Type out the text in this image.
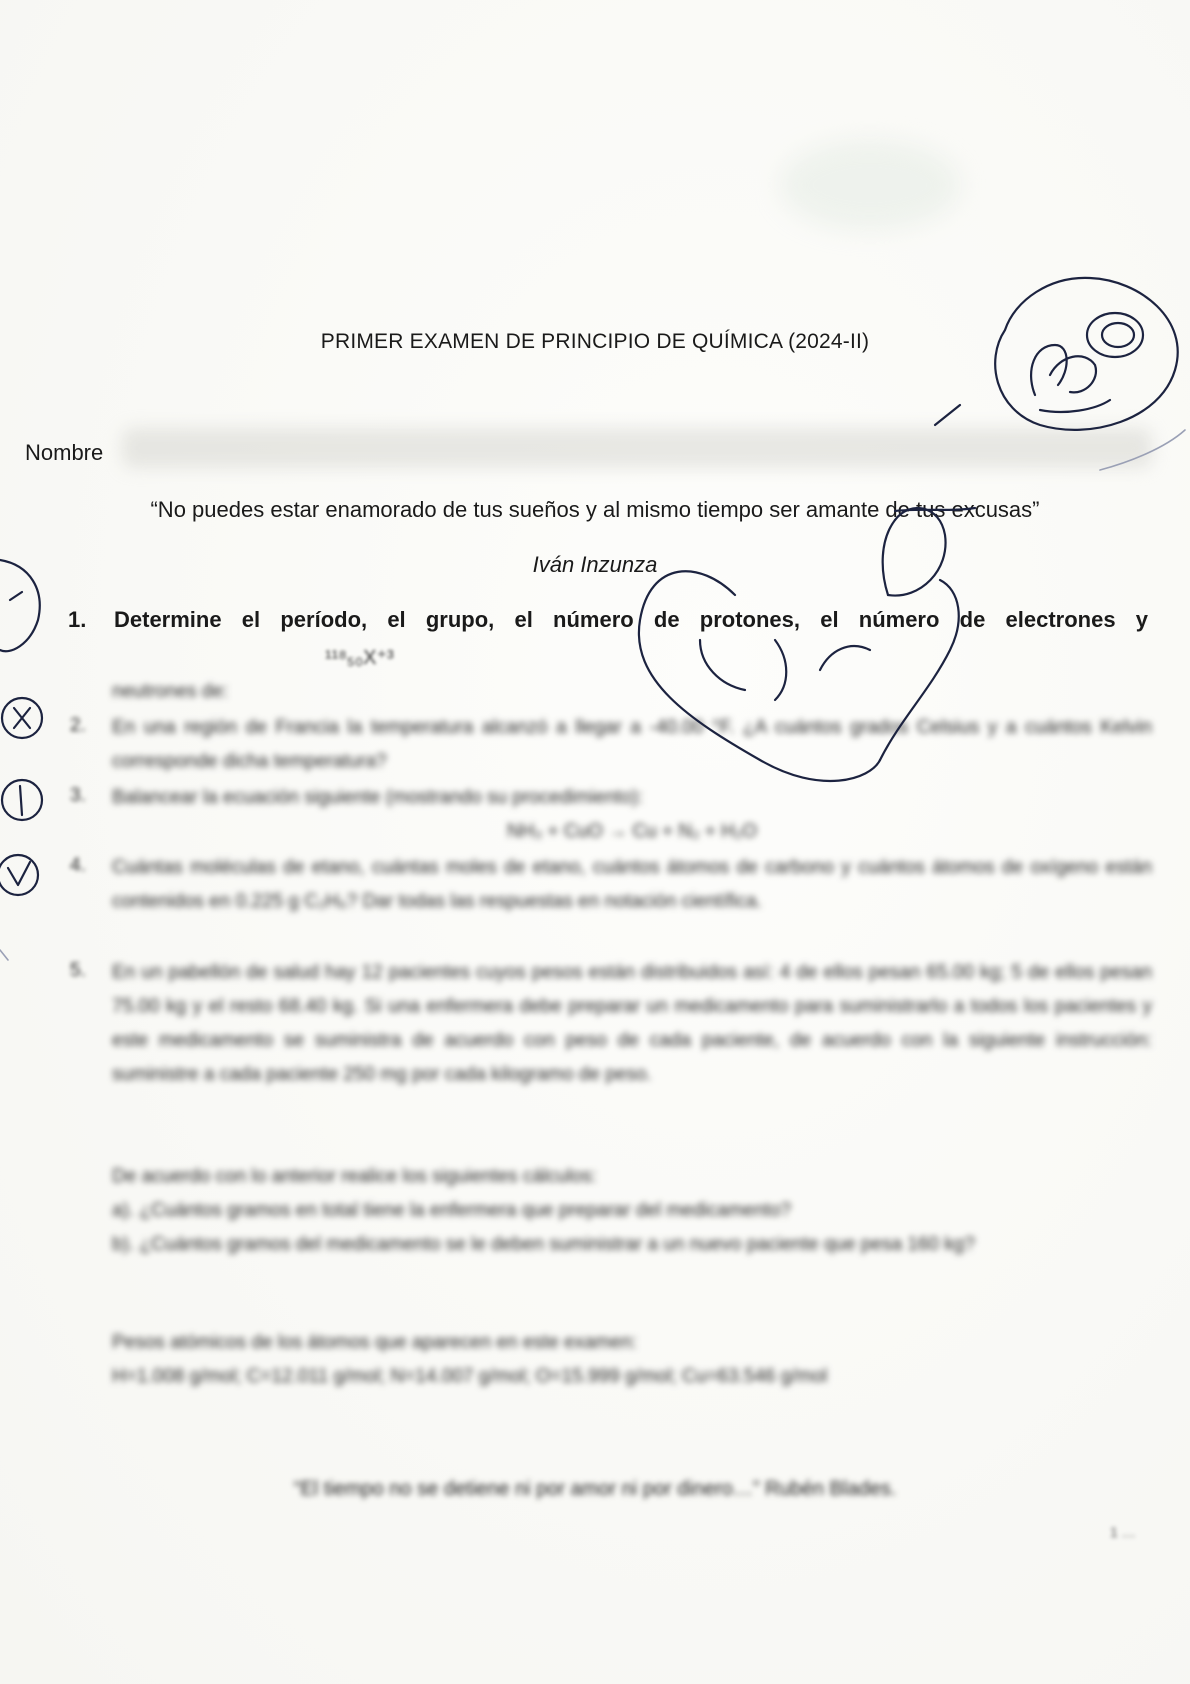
PRIMER EXAMEN DE PRINCIPIO DE QUÍMICA (2024-II)
Nombre
“No puedes estar enamorado de tus sueños y al mismo tiempo ser amante de tus excusas”
Iván Inzunza
1.	Determine el período, el grupo, el número de protones, el número de electrones y
¹¹⁸₅₀X⁺³
neutrones de:
2. En una región de Francia la temperatura alcanzó a llegar a -40.00 °F. ¿A cuántos grados Celsius y a cuántos Kelvin corresponde dicha temperatura?
3. Balancear la ecuación siguiente (mostrando su procedimiento):
NH₃ + CuO → Cu + N₂ + H₂O
4. Cuántas moléculas de etano, cuántas moles de etano, cuántos átomos de carbono y cuántos átomos de oxígeno están contenidos en 0.225 g C₂H₆? Dar todas las respuestas en notación científica.
5. En un pabellón de salud hay 12 pacientes cuyos pesos están distribuidos así: 4 de ellos pesan 65.00 kg; 5 de ellos pesan 75.00 kg y el resto 68.40 kg. Si una enfermera debe preparar un medicamento para suministrarlo a todos los pacientes y este medicamento se suministra de acuerdo con peso de cada paciente, de acuerdo con la siguiente instrucción: suministre a cada paciente 250 mg por cada kilogramo de peso.
De acuerdo con lo anterior realice los siguientes cálculos:
a). ¿Cuántos gramos en total tiene la enfermera que preparar del medicamento?
b). ¿Cuántos gramos del medicamento se le deben suministrar a un nuevo paciente que pesa 160 kg?
Pesos atómicos de los átomos que aparecen en este examen:
H=1.008 g/mol; C=12.011 g/mol; N=14.007 g/mol; O=15.999 g/mol; Cu=63.546 g/mol
“El tiempo no se detiene ni por amor ni por dinero…” Rubén Blades.
1 …
